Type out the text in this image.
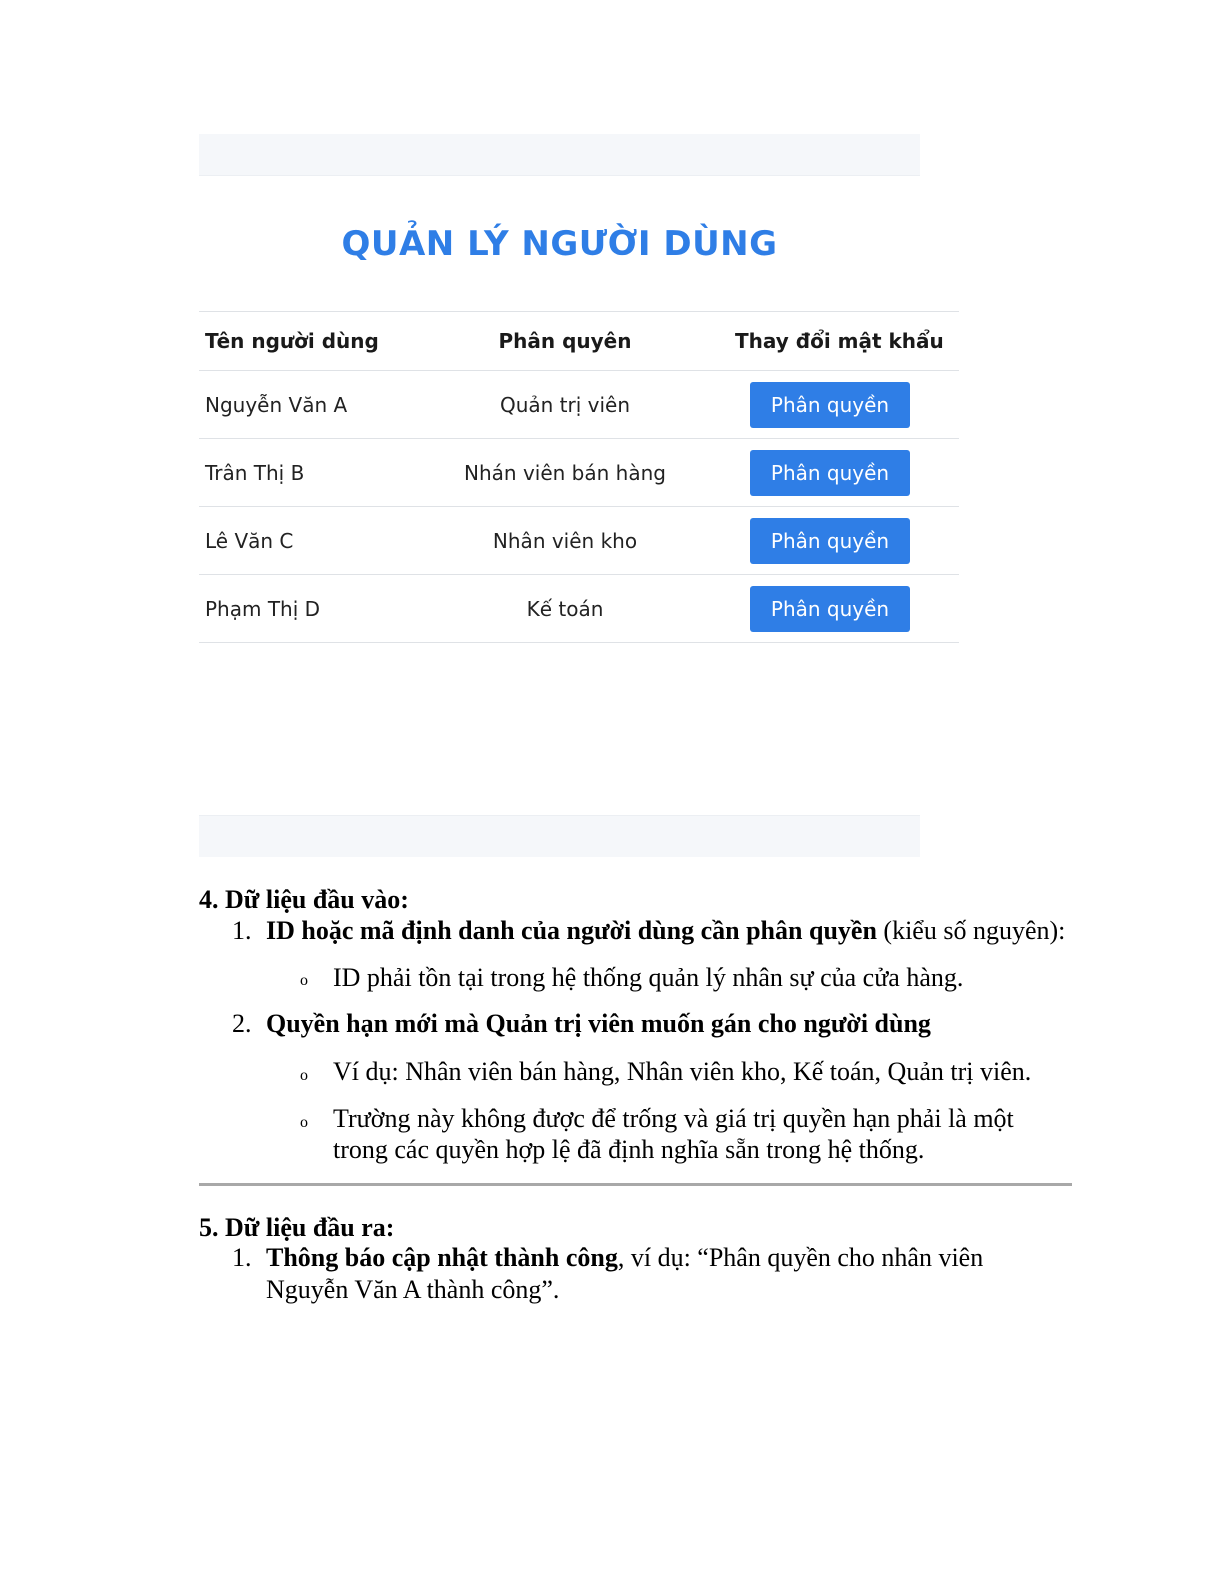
QUẢN LÝ NGƯỜI DÙNG
Tên người dùng	Phân quyên	Thay đổi mật khẩu
Nguyễn Văn A	Quản trị viên	Phân quyền
Trân Thị B	Nhán viên bán hàng	Phân quyền
Lê Văn C	Nhân viên kho	Phân quyền
Phạm Thị D	Kế toán	Phân quyền
4. Dữ liệu đầu vào:
1. ID hoặc mã định danh của người dùng cần phân quyền (kiểu số nguyên):
o ID phải tồn tại trong hệ thống quản lý nhân sự của cửa hàng.
2. Quyền hạn mới mà Quản trị viên muốn gán cho người dùng
o Ví dụ: Nhân viên bán hàng, Nhân viên kho, Kế toán, Quản trị viên.
o Trường này không được để trống và giá trị quyền hạn phải là một
trong các quyền hợp lệ đã định nghĩa sẵn trong hệ thống.
5. Dữ liệu đầu ra:
1. Thông báo cập nhật thành công, ví dụ: “Phân quyền cho nhân viên
Nguyễn Văn A thành công”.
